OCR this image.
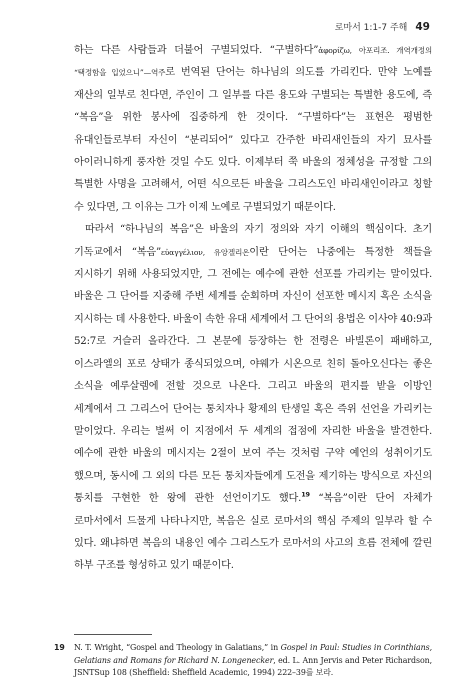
로마서 1:1-7 주해 49

하는 다른 사람들과 더불어 구별되었다. “구별하다”ἀφορίζω, 아포리조. 개역개정의 “택정함을 입었으니”—역주로 번역된 단어는 하나님의 의도를 가리킨다. 만약 노예를 재산의 일부로 친다면, 주인이 그 일부를 다른 용도와 구별되는 특별한 용도에, 즉 “복음”을 위한 봉사에 집중하게 한 것이다. “구별하다”는 표현은 평범한 유대인들로부터 자신이 “분리되어” 있다고 간주한 바리새인들의 자기 묘사를 아이러니하게 풍자한 것일 수도 있다. 이제부터 쭉 바울의 정체성을 규정할 그의 특별한 사명을 고려해서, 어떤 식으로든 바울을 그리스도인 바리새인이라고 칭할 수 있다면, 그 이유는 그가 이제 노예로 구별되었기 때문이다.

따라서 “하나님의 복음”은 바울의 자기 정의와 자기 이해의 핵심이다. 초기 기독교에서 “복음”εὐαγγέλιον, 유앙겔리온이란 단어는 나중에는 특정한 책들을 지시하기 위해 사용되었지만, 그 전에는 예수에 관한 선포를 가리키는 말이었다. 바울은 그 단어를 지중해 주변 세계를 순회하며 자신이 선포한 메시지 혹은 소식을 지시하는 데 사용한다. 바울이 속한 유대 세계에서 그 단어의 용법은 이사야 40:9과 52:7로 거슬러 올라간다. 그 본문에 등장하는 한 전령은 바빌론이 패배하고, 이스라엘의 포로 상태가 종식되었으며, 야웨가 시온으로 친히 돌아오신다는 좋은 소식을 예루살렘에 전할 것으로 나온다. 그리고 바울의 편지를 받을 이방인 세계에서 그 그리스어 단어는 통치자나 황제의 탄생일 혹은 즉위 선언을 가리키는 말이었다. 우리는 벌써 이 지점에서 두 세계의 접점에 자리한 바울을 발견한다. 예수에 관한 바울의 메시지는 2절이 보여 주는 것처럼 구약 예언의 성취이기도 했으며, 동시에 그 외의 다른 모든 통치자들에게 도전을 제기하는 방식으로 자신의 통치를 구현한 한 왕에 관한 선언이기도 했다.$^{19}$ “복음”이란 단어 자체가 로마서에서 드물게 나타나지만, 복음은 실로 로마서의 핵심 주제의 일부라 할 수 있다. 왜냐하면 복음의 내용인 예수 그리스도가 로마서의 사고의 흐름 전체에 깔린 하부 구조를 형성하고 있기 때문이다.

19 N. T. Wright, “Gospel and Theology in Galatians,” in Gospel in Paul: Studies in Corinthians, Gelatians and Romans for Richard N. Longenecker, ed. L. Ann Jervis and Peter Richardson, JSNTSup 108 (Sheffield: Sheffield Academic, 1994) 222–39를 보라.
